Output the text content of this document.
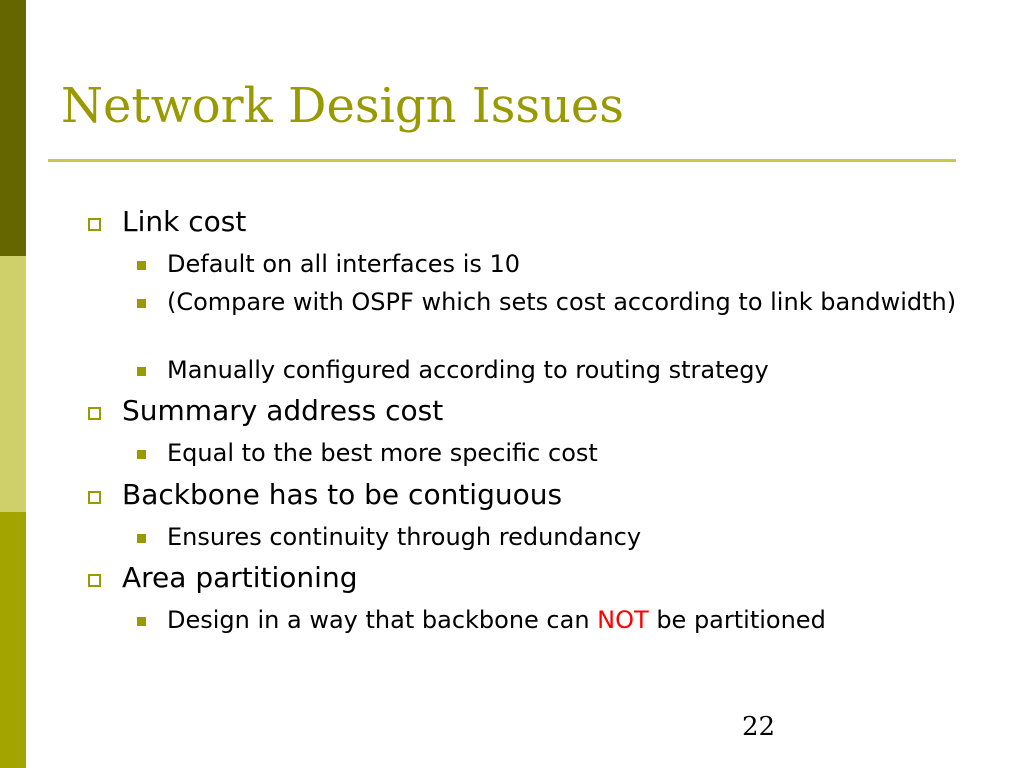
Network Design Issues
Link cost
Default on all interfaces is 10
(Compare with OSPF which sets cost according to link bandwidth)
Manually configured according to routing strategy
Summary address cost
Equal to the best more specific cost
Backbone has to be contiguous
Ensures continuity through redundancy
Area partitioning
Design in a way that backbone can NOT be partitioned
22
